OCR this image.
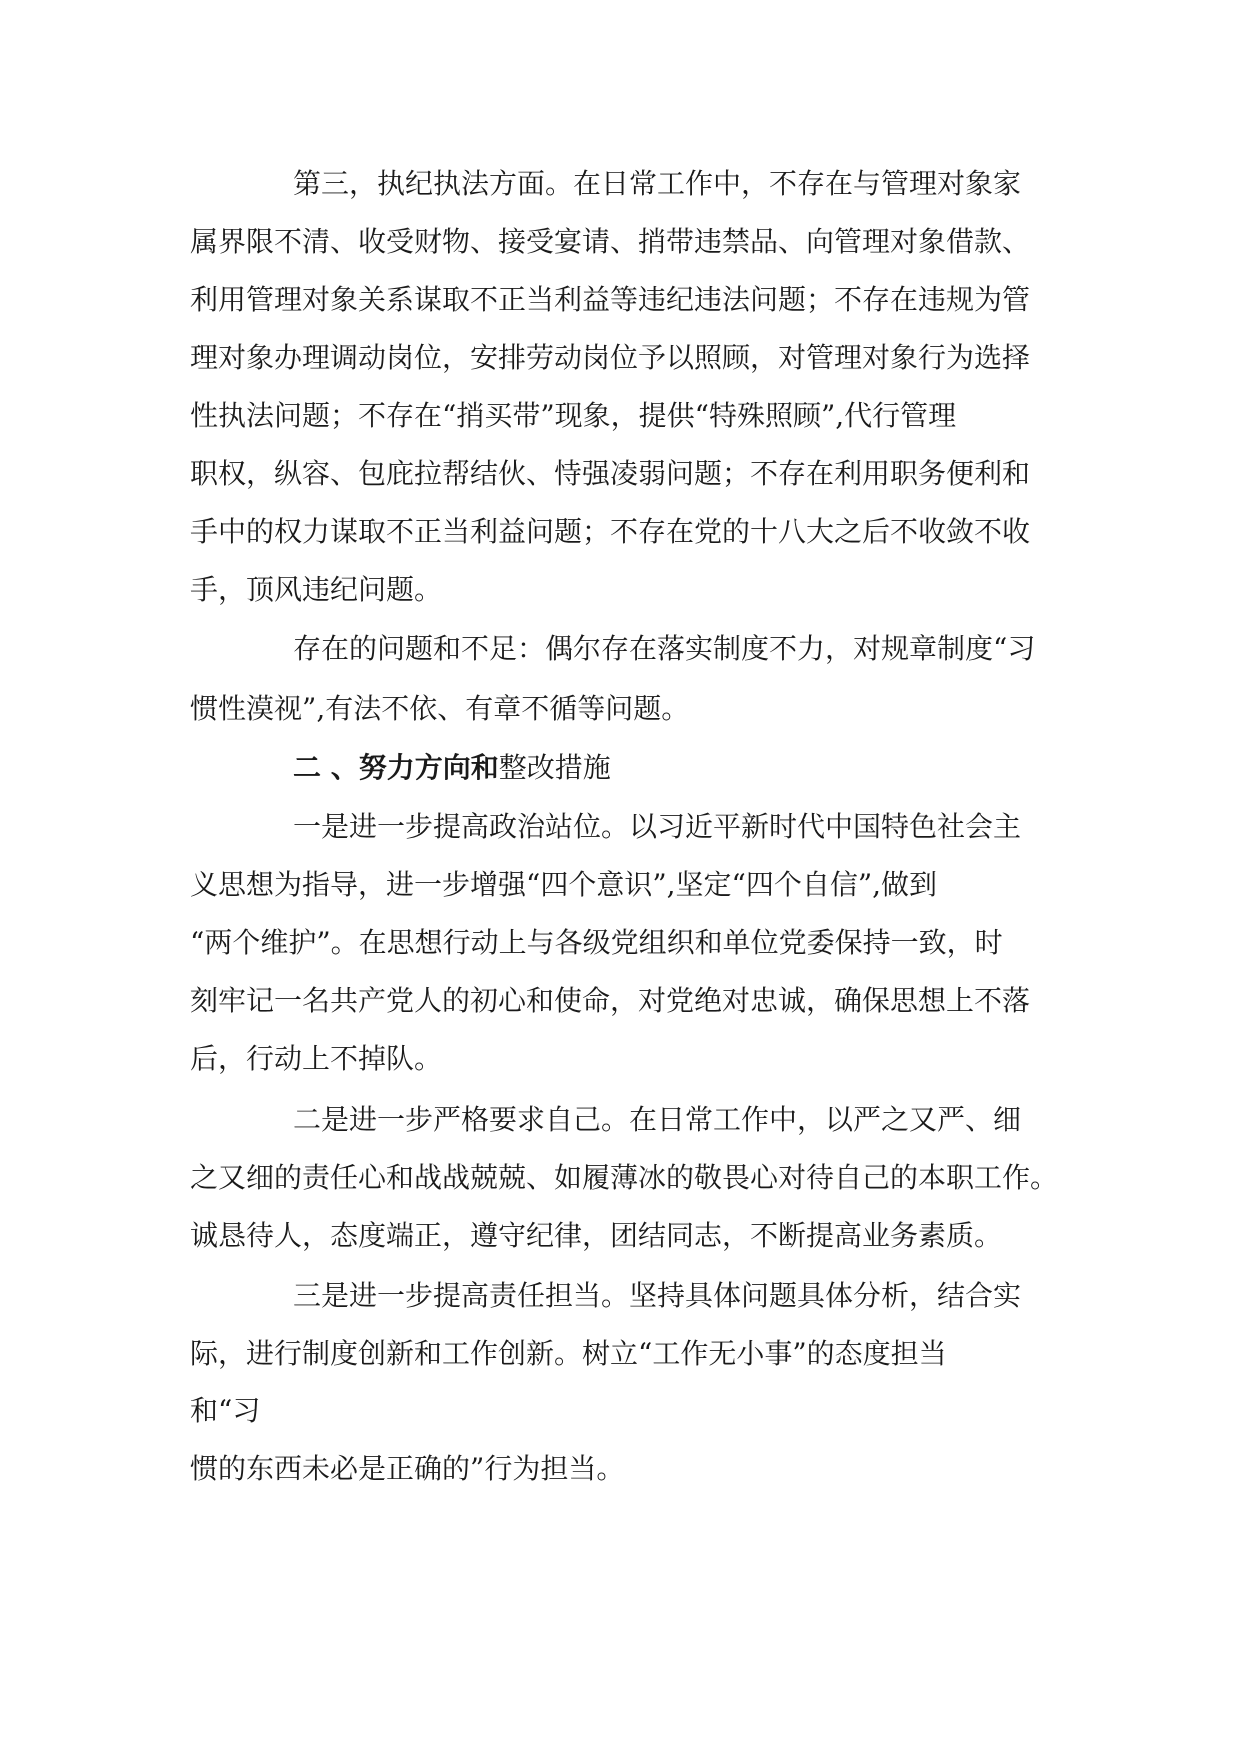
第三，执纪执法方面。在日常工作中，不存在与管理对象家

属界限不清、收受财物、接受宴请、捎带违禁品、向管理对象借款、

利用管理对象关系谋取不正当利益等违纪违法问题；不存在违规为管

理对象办理调动岗位，安排劳动岗位予以照顾，对管理对象行为选择

性执法问题；不存在“捎买带”现象，提供“特殊照顾”,代行管理

职权，纵容、包庇拉帮结伙、恃强凌弱问题；不存在利用职务便利和

手中的权力谋取不正当利益问题；不存在党的十八大之后不收敛不收

手，顶风违纪问题。

存在的问题和不足：偶尔存在落实制度不力，对规章制度“习

惯性漠视”,有法不依、有章不循等问题。

二 、努力方向和整改措施

一是进一步提高政治站位。以习近平新时代中国特色社会主

义思想为指导，进一步增强“四个意识”,坚定“四个自信”,做到

“两个维护”。在思想行动上与各级党组织和单位党委保持一致，时

刻牢记一名共产党人的初心和使命，对党绝对忠诚，确保思想上不落

后，行动上不掉队。

二是进一步严格要求自己。在日常工作中，以严之又严、细

之又细的责任心和战战兢兢、如履薄冰的敬畏心对待自己的本职工作。

诚恳待人，态度端正，遵守纪律，团结同志，不断提高业务素质。

三是进一步提高责任担当。坚持具体问题具体分析，结合实

际，进行制度创新和工作创新。树立“工作无小事”的态度担当

和“习

惯的东西未必是正确的”行为担当。
